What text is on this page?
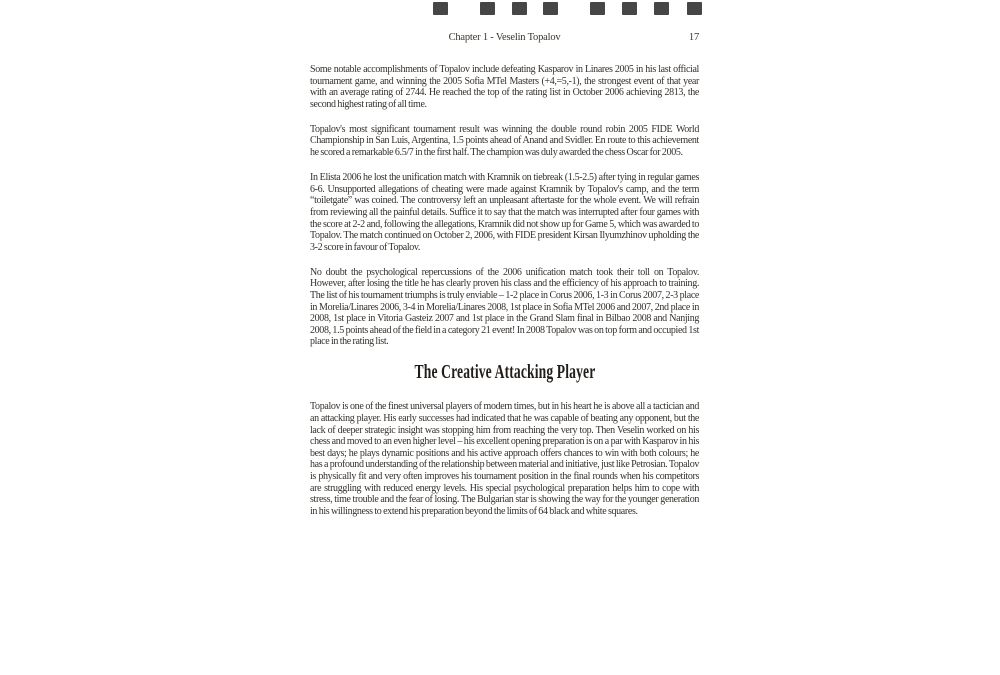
Chapter 1 - Veselin Topalov	17

Some notable accomplishments of Topalov include defeating Kasparov in Linares 2005 in his last official tournament game, and winning the 2005 Sofia MTel Masters (+4,=5,-1), the strongest event of that year with an average rating of 2744. He reached the top of the rating list in October 2006 achieving 2813, the second highest rating of all time.

Topalov's most significant tournament result was winning the double round robin 2005 FIDE World Championship in San Luis, Argentina, 1.5 points ahead of Anand and Svidler. En route to this achievement he scored a remarkable 6.5/7 in the first half. The champion was duly awarded the chess Oscar for 2005.

In Elista 2006 he lost the unification match with Kramnik on tiebreak (1.5-2.5) after tying in regular games 6-6. Unsupported allegations of cheating were made against Kramnik by Topalov's camp, and the term “toiletgate” was coined. The controversy left an unpleasant aftertaste for the whole event. We will refrain from reviewing all the painful details. Suffice it to say that the match was interrupted after four games with the score at 2-2 and, following the allegations, Kramnik did not show up for Game 5, which was awarded to Topalov. The match continued on October 2, 2006, with FIDE president Kirsan Ilyumzhinov upholding the 3-2 score in favour of Topalov.

No doubt the psychological repercussions of the 2006 unification match took their toll on Topalov. However, after losing the title he has clearly proven his class and the efficiency of his approach to training. The list of his tournament triumphs is truly enviable – 1-2 place in Corus 2006, 1-3 in Corus 2007, 2-3 place in Morelia/Linares 2006, 3-4 in Morelia/Linares 2008, 1st place in Sofia MTel 2006 and 2007, 2nd place in 2008, 1st place in Vitoria Gasteiz 2007 and 1st place in the Grand Slam final in Bilbao 2008 and Nanjing 2008, 1.5 points ahead of the field in a category 21 event! In 2008 Topalov was on top form and occupied 1st place in the rating list.

The Creative Attacking Player

Topalov is one of the finest universal players of modern times, but in his heart he is above all a tactician and an attacking player. His early successes had indicated that he was capable of beating any opponent, but the lack of deeper strategic insight was stopping him from reaching the very top. Then Veselin worked on his chess and moved to an even higher level – his excellent opening preparation is on a par with Kasparov in his best days; he plays dynamic positions and his active approach offers chances to win with both colours; he has a profound understanding of the relationship between material and initiative, just like Petrosian. Topalov is physically fit and very often improves his tournament position in the final rounds when his competitors are struggling with reduced energy levels. His special psychological preparation helps him to cope with stress, time trouble and the fear of losing. The Bulgarian star is showing the way for the younger generation in his willingness to extend his preparation beyond the limits of 64 black and white squares.
